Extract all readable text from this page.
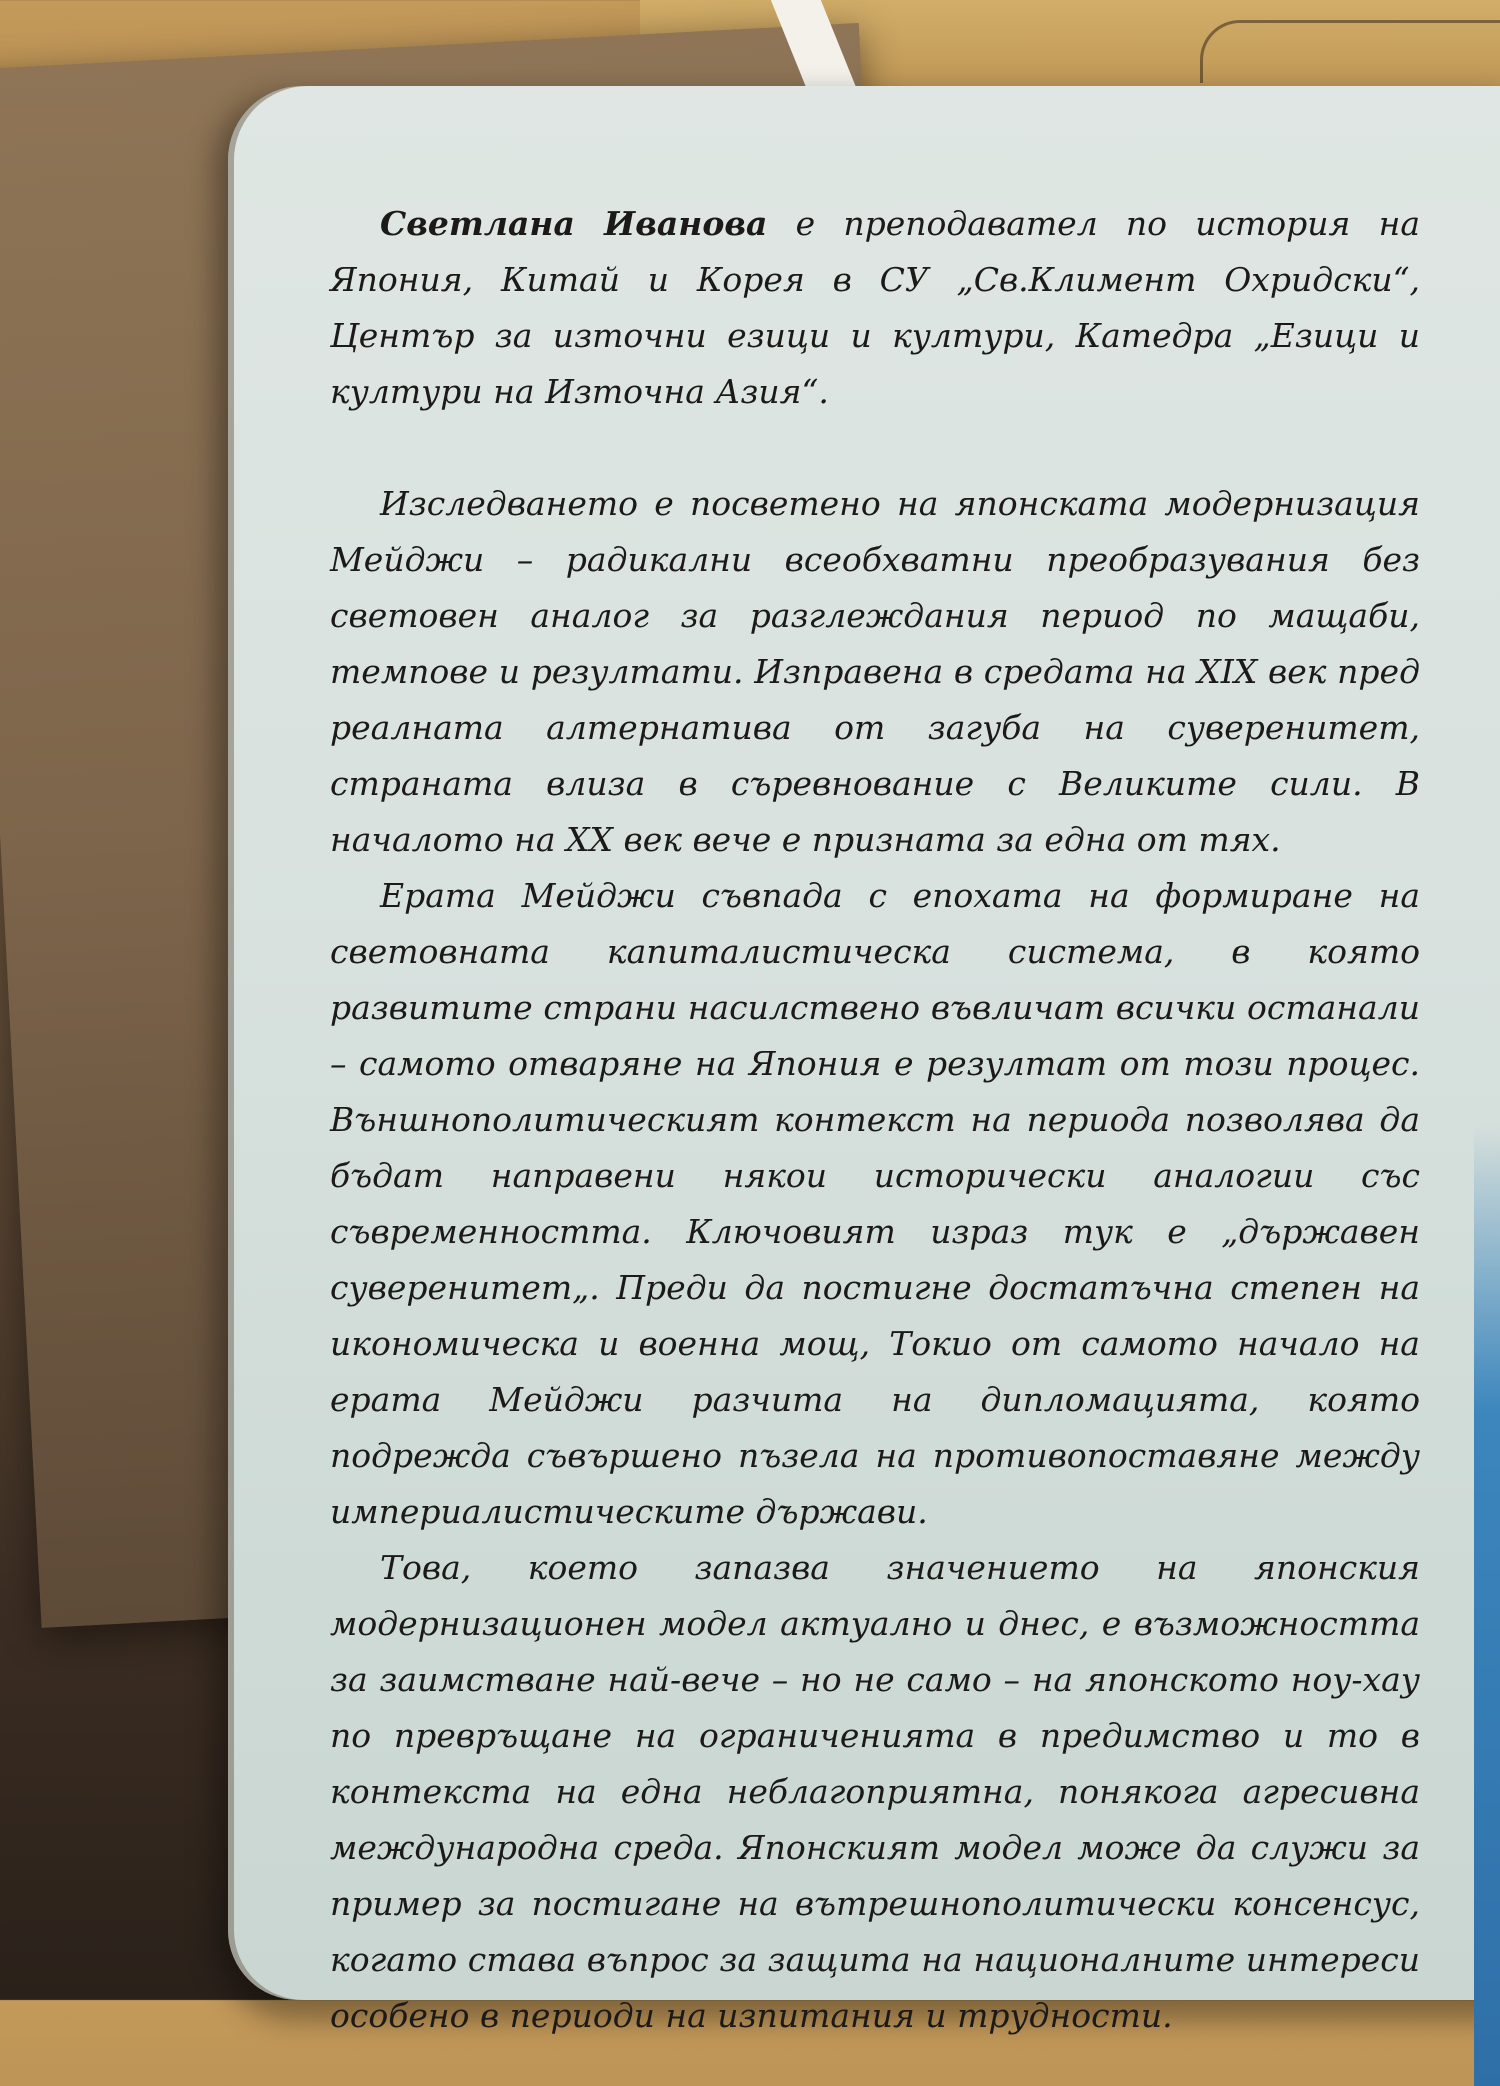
Светлана Иванова е преподавател по история на Япония, Китай и Корея в СУ „Св.Климент Охридски“, Център за източни езици и култури, Катедра „Езици и култури на Източна Азия“.

Изследването е посветено на японската модернизация Мейджи – радикални всеобхватни преобразувания без световен аналог за разглеждания период по мащаби, темпове и резултати. Изправена в средата на XIX век пред реалната алтернатива от загуба на суверенитет, страната влиза в съревнование с Великите сили. В началото на XX век вече е призната за една от тях.

Ерата Мейджи съвпада с епохата на формиране на световната капиталистическа система, в която развитите страни насилствено въвличат всички останали – самото отваряне на Япония е резултат от този процес. Външнополитическият контекст на периода позволява да бъдат направени някои исторически аналогии със съвременността. Ключовият израз тук е „държавен суверенитет„. Преди да постигне достатъчна степен на икономическа и военна мощ, Токио от самото начало на ерата Мейджи разчита на дипломацията, която подрежда съвършено пъзела на противопоставяне между империалистическите държави.

Това, което запазва значението на японския модернизационен модел актуално и днес, е възможността за заимстване най-вече – но не само – на японското ноу-хау по превръщане на ограниченията в предимство и то в контекста на една неблагоприятна, понякога агресивна международна среда. Японският модел може да служи за пример за постигане на вътрешнополитически консенсус, когато става въпрос за защита на националните интереси особено в периоди на изпитания и трудности.
